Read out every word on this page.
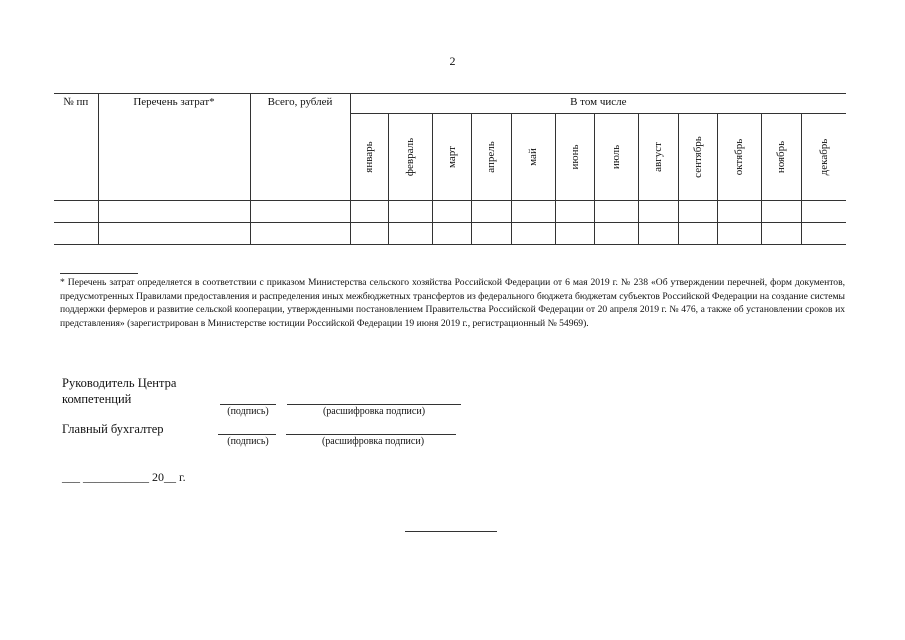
2
№ пп	Перечень затрат*	Всего, рублей	В том числе											

			январь	февраль	март	апрель	май	июнь	июль	август	сентябрь	октябрь	ноябрь	декабрь

* Перечень затрат определяется в соответствии с приказом Министерства сельского хозяйства Российской Федерации от 6 мая 2019 г. № 238 «Об утверждении перечней, форм документов, предусмотренных Правилами предоставления и распределения иных межбюджетных трансфертов из федерального бюджета бюджетам субъектов Российской Федерации на создание системы поддержки фермеров и развитие сельской кооперации, утвержденными постановлением Правительства Российской Федерации от 20 апреля 2019 г. № 476, а также об установлении сроков их представления» (зарегистрирован в Министерстве юстиции Российской Федерации 19 июня 2019 г., регистрационный № 54969).
Руководитель Центра
компетенций
(подпись)	(расшифровка подписи)
Главный бухгалтер
(подпись)	(расшифровка подписи)
___ ___________ 20__ г.
